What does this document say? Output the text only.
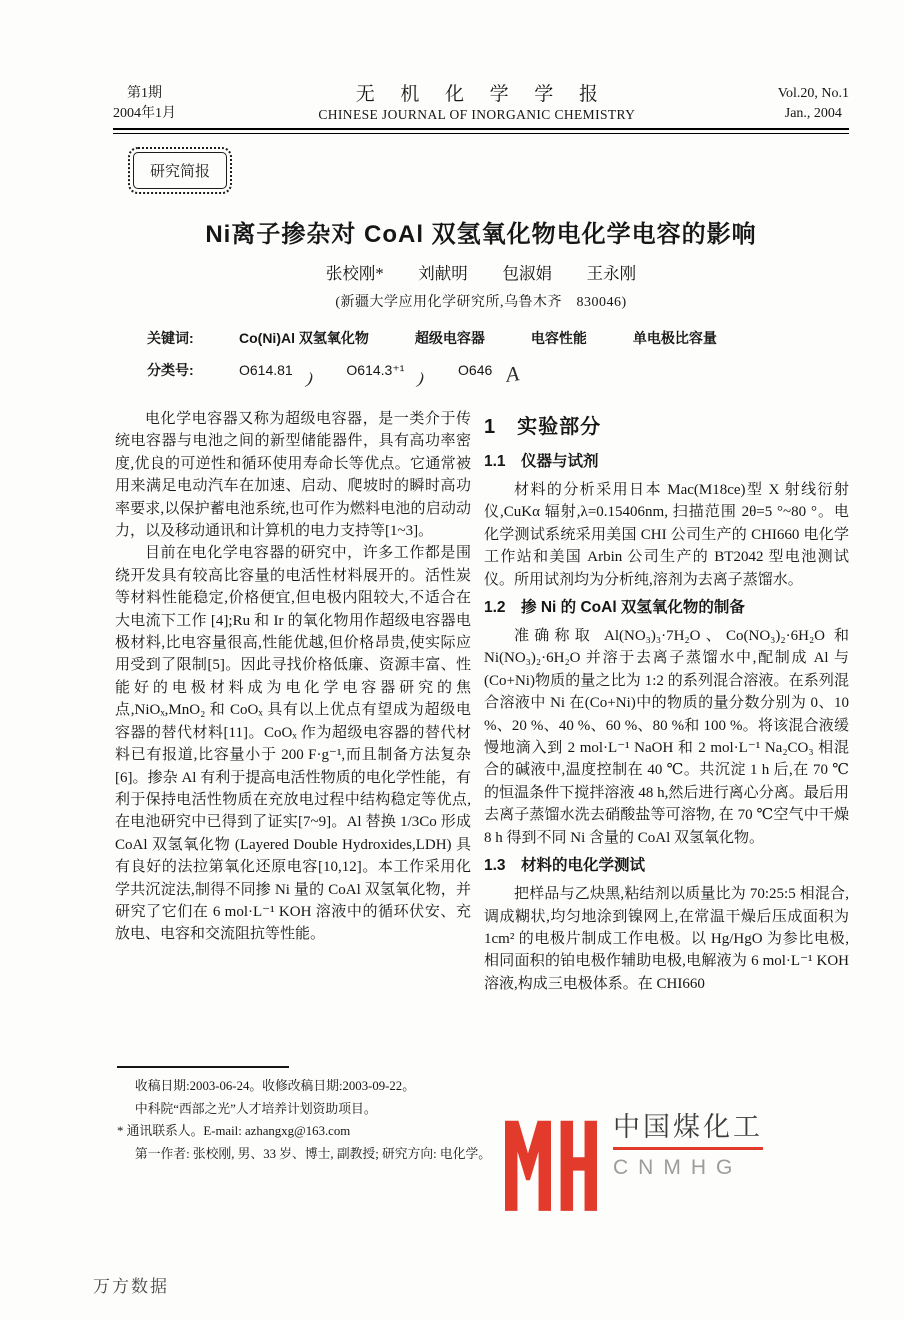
第1期
2004年1月
无机化学学报
CHINESE JOURNAL OF INORGANIC CHEMISTRY
Vol.20, No.1
Jan., 2004
研究简报
Ni离子掺杂对 CoAl 双氢氧化物电化学电容的影响
张校刚* 刘献明 包淑娟 王永刚
(新疆大学应用化学研究所,乌鲁木齐　830046)
关键词:	Co(Ni)Al 双氢氧化物	超级电容器	电容性能	单电极比容量
分类号:	O614.81 ) O614.3⁺¹ ) O646 A

电化学电容器又称为超级电容器，是一类介于传统电容器与电池之间的新型储能器件，具有高功率密度,优良的可逆性和循环使用寿命长等优点。它通常被用来满足电动汽车在加速、启动、爬坡时的瞬时高功率要求,以保护蓄电池系统,也可作为燃料电池的启动动力，以及移动通讯和计算机的电力支持等[1~3]。

目前在电化学电容器的研究中，许多工作都是围绕开发具有较高比容量的电活性材料展开的。活性炭等材料性能稳定,价格便宜,但电极内阻较大,不适合在大电流下工作 [4];Ru 和 Ir 的氧化物用作超级电容器电极材料,比电容量很高,性能优越,但价格昂贵,使实际应用受到了限制[5]。因此寻找价格低廉、资源丰富、性能好的电极材料成为电化学电容器研究的焦点,NiOₓ,MnO₂ 和 CoOₓ 具有以上优点有望成为超级电容器的替代材料[11]。CoOₓ 作为超级电容器的替代材料已有报道,比容量小于 200 F·g⁻¹,而且制备方法复杂[6]。掺杂 Al 有利于提高电活性物质的电化学性能，有利于保持电活性物质在充放电过程中结构稳定等优点,在电池研究中已得到了证实[7~9]。Al 替换 1/3Co 形成 CoAl 双氢氧化物 (Layered Double Hydroxides,LDH) 具有良好的法拉第氧化还原电容[10,12]。本工作采用化学共沉淀法,制得不同掺 Ni 量的 CoAl 双氢氧化物，并研究了它们在 6 mol·L⁻¹ KOH 溶液中的循环伏安、充放电、电容和交流阻抗等性能。

1　实验部分
1.1　仪器与试剂

材料的分析采用日本 Mac(M18ce)型 X 射线衍射仪,CuKα 辐射,λ=0.15406nm, 扫描范围 2θ=5 °~80 °。电化学测试系统采用美国 CHI 公司生产的 CHI660 电化学工作站和美国 Arbin 公司生产的 BT2042 型电池测试仪。所用试剂均为分析纯,溶剂为去离子蒸馏水。

1.2　掺 Ni 的 CoAl 双氢氧化物的制备

准确称取 Al(NO₃)₃·7H₂O、Co(NO₃)₂·6H₂O 和 Ni(NO₃)₂·6H₂O 并溶于去离子蒸馏水中,配制成 Al 与(Co+Ni)物质的量之比为 1:2 的系列混合溶液。在系列混合溶液中 Ni 在(Co+Ni)中的物质的量分数分别为 0、10 %、20 %、40 %、60 %、80 %和 100 %。将该混合液缓慢地滴入到 2 mol·L⁻¹ NaOH 和 2 mol·L⁻¹ Na₂CO₃ 相混合的碱液中,温度控制在 40 ℃。共沉淀 1 h 后,在 70 ℃的恒温条件下搅拌溶液 48 h,然后进行离心分离。最后用去离子蒸馏水洗去硝酸盐等可溶物, 在 70 ℃空气中干燥 8 h 得到不同 Ni 含量的 CoAl 双氢氧化物。

1.3　材料的电化学测试

把样品与乙炔黑,粘结剂以质量比为 70:25:5 相混合,调成糊状,均匀地涂到镍网上,在常温干燥后压成面积为 1cm² 的电极片制成工作电极。以 Hg/HgO 为参比电极,相同面积的铂电极作辅助电极,电解液为 6 mol·L⁻¹ KOH 溶液,构成三电极体系。在 CHI660

收稿日期:2003-06-24。收修改稿日期:2003-09-22。
中科院“西部之光”人才培养计划资助项目。
* 通讯联系人。E-mail: azhangxg@163.com
第一作者: 张校刚, 男、33 岁、博士, 副教授; 研究方向: 电化学。
中国煤化工
CNMHG
万方数据
